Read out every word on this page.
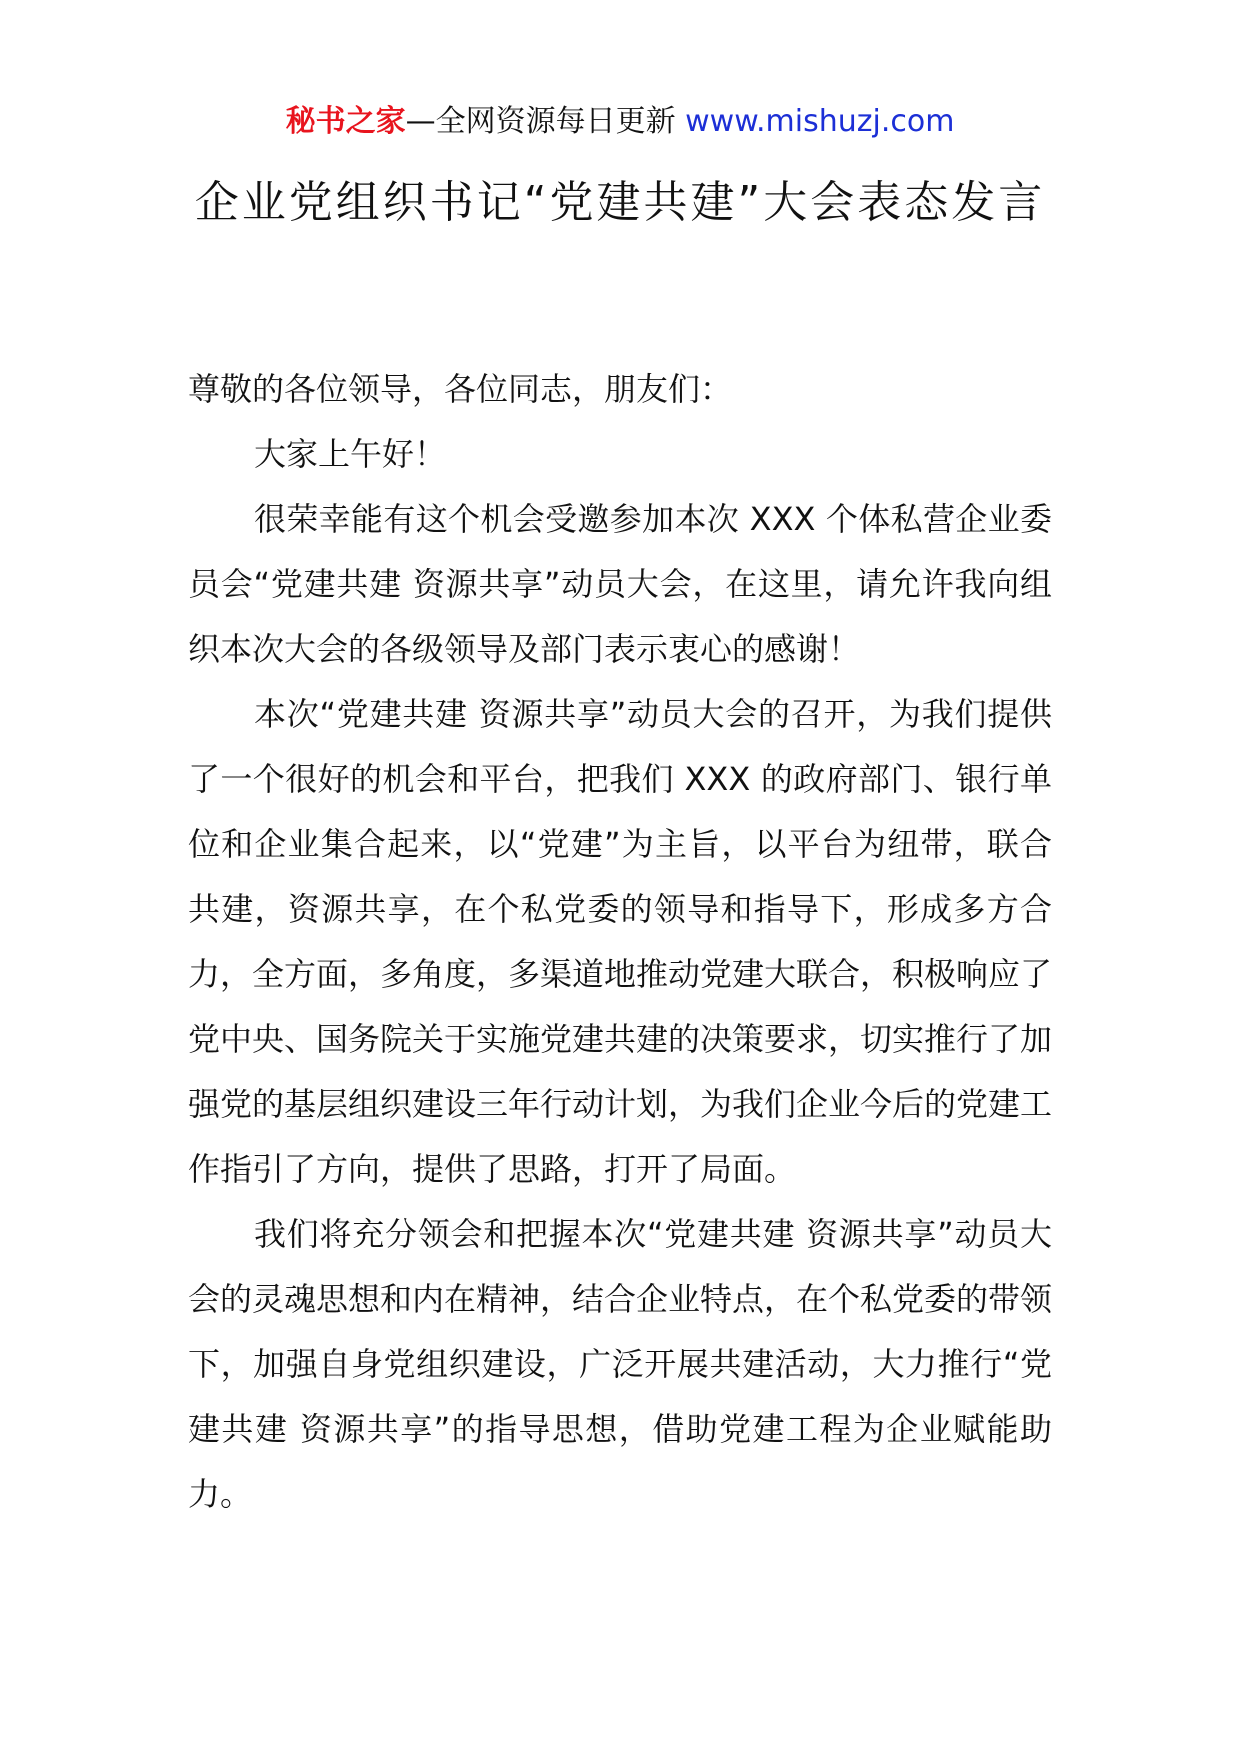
秘书之家—全网资源每日更新 www.mishuzj.com
企业党组织书记“党建共建”大会表态发言

尊敬的各位领导，各位同志，朋友们：

大家上午好！

很荣幸能有这个机会受邀参加本次 XXX 个体私营企业委员会“党建共建 资源共享”动员大会，在这里，请允许我向组织本次大会的各级领导及部门表示衷心的感谢！

本次“党建共建 资源共享”动员大会的召开，为我们提供了一个很好的机会和平台，把我们 XXX 的政府部门、银行单位和企业集合起来，以“党建”为主旨，以平台为纽带，联合共建，资源共享，在个私党委的领导和指导下，形成多方合力，全方面，多角度，多渠道地推动党建大联合，积极响应了党中央、国务院关于实施党建共建的决策要求，切实推行了加强党的基层组织建设三年行动计划，为我们企业今后的党建工作指引了方向，提供了思路，打开了局面。

我们将充分领会和把握本次“党建共建 资源共享”动员大会的灵魂思想和内在精神，结合企业特点，在个私党委的带领下，加强自身党组织建设，广泛开展共建活动，大力推行“党建共建 资源共享”的指导思想，借助党建工程为企业赋能助力。
